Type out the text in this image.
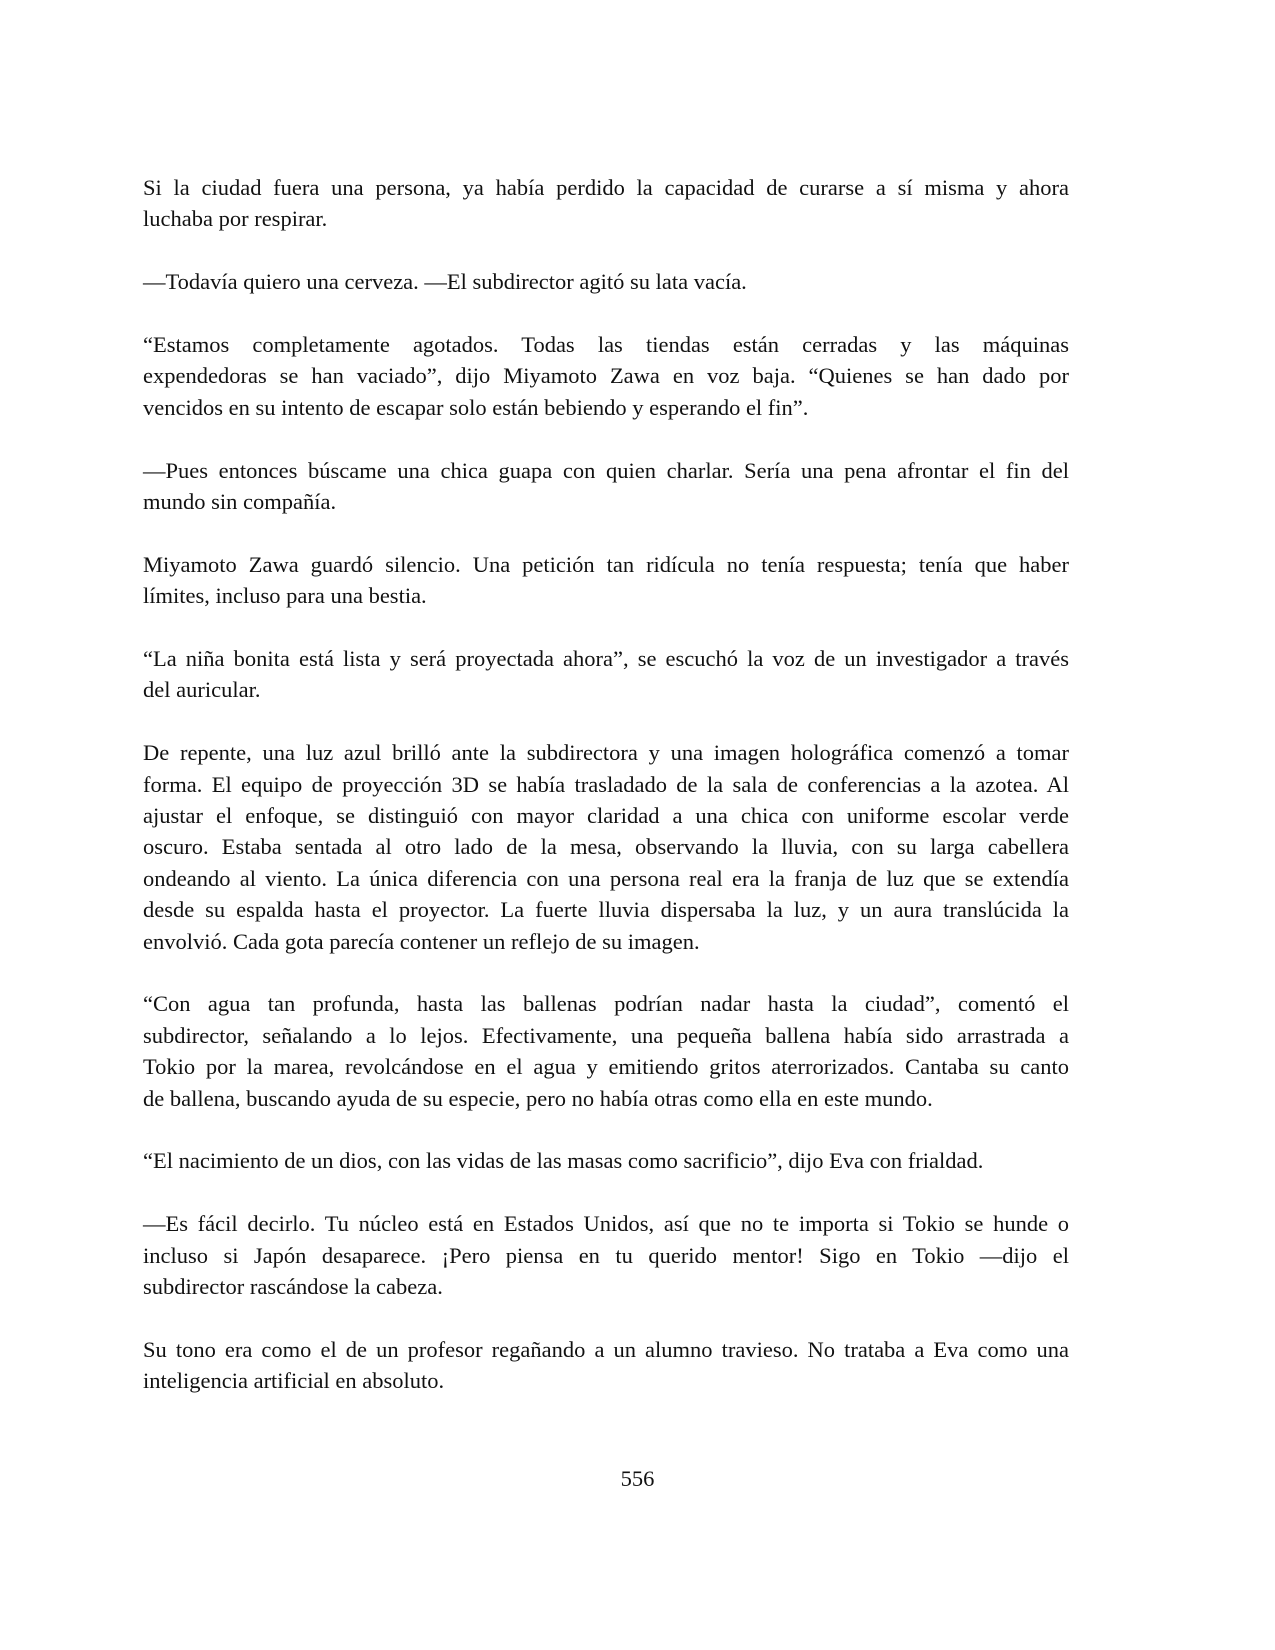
Si la ciudad fuera una persona, ya había perdido la capacidad de curarse a sí misma y ahora
luchaba por respirar.

—Todavía quiero una cerveza. —El subdirector agitó su lata vacía.

“Estamos completamente agotados. Todas las tiendas están cerradas y las máquinas
expendedoras se han vaciado”, dijo Miyamoto Zawa en voz baja. “Quienes se han dado por
vencidos en su intento de escapar solo están bebiendo y esperando el fin”.

—Pues entonces búscame una chica guapa con quien charlar. Sería una pena afrontar el fin del
mundo sin compañía.

Miyamoto Zawa guardó silencio. Una petición tan ridícula no tenía respuesta; tenía que haber
límites, incluso para una bestia.

“La niña bonita está lista y será proyectada ahora”, se escuchó la voz de un investigador a través
del auricular.

De repente, una luz azul brilló ante la subdirectora y una imagen holográfica comenzó a tomar
forma. El equipo de proyección 3D se había trasladado de la sala de conferencias a la azotea. Al
ajustar el enfoque, se distinguió con mayor claridad a una chica con uniforme escolar verde
oscuro. Estaba sentada al otro lado de la mesa, observando la lluvia, con su larga cabellera
ondeando al viento. La única diferencia con una persona real era la franja de luz que se extendía
desde su espalda hasta el proyector. La fuerte lluvia dispersaba la luz, y un aura translúcida la
envolvió. Cada gota parecía contener un reflejo de su imagen.

“Con agua tan profunda, hasta las ballenas podrían nadar hasta la ciudad”, comentó el
subdirector, señalando a lo lejos. Efectivamente, una pequeña ballena había sido arrastrada a
Tokio por la marea, revolcándose en el agua y emitiendo gritos aterrorizados. Cantaba su canto
de ballena, buscando ayuda de su especie, pero no había otras como ella en este mundo.

“El nacimiento de un dios, con las vidas de las masas como sacrificio”, dijo Eva con frialdad.

—Es fácil decirlo. Tu núcleo está en Estados Unidos, así que no te importa si Tokio se hunde o
incluso si Japón desaparece. ¡Pero piensa en tu querido mentor! Sigo en Tokio —dijo el
subdirector rascándose la cabeza.

Su tono era como el de un profesor regañando a un alumno travieso. No trataba a Eva como una
inteligencia artificial en absoluto.

556
